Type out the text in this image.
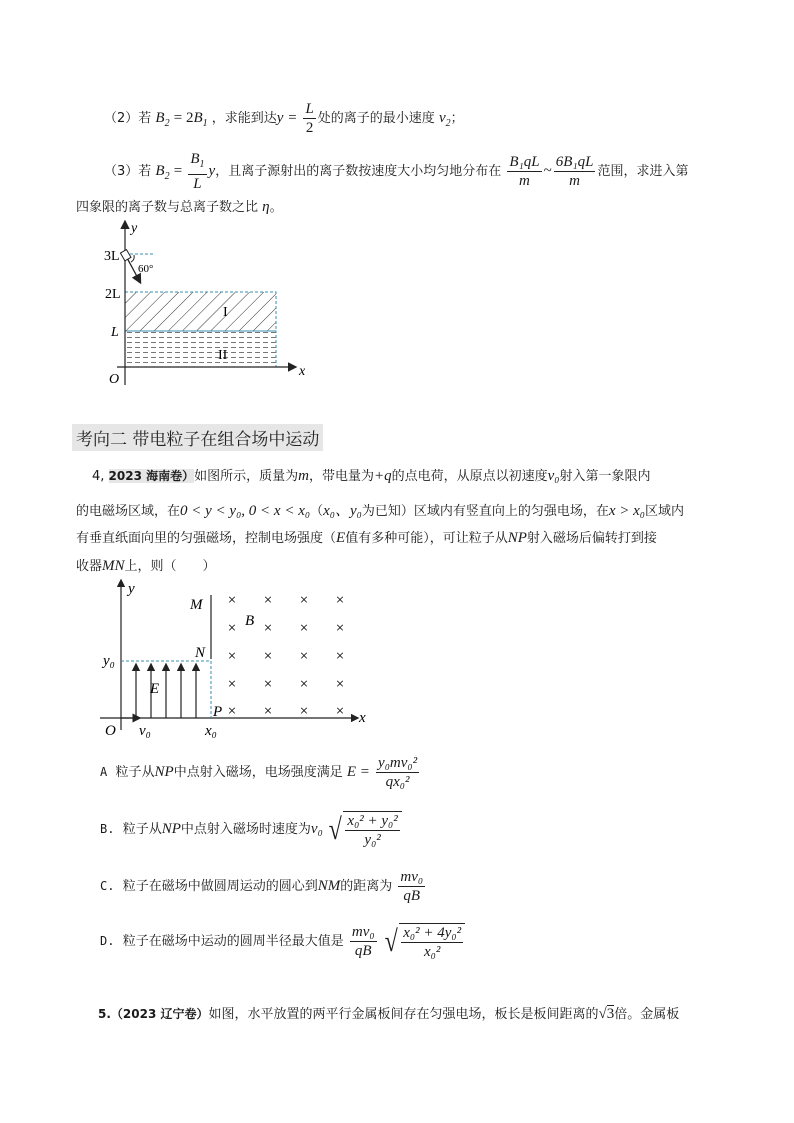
（2）若 $B_2 = 2B_1$ ，求能到达$y = \frac{L}{2}$ 处的离子的最小速度 $v_2$；
（3）若 $B_2 = \frac{B_1}{L}$ y，且离子源射出的离子数按速度大小均匀地分布在 $\frac{\text{B₁qL}}{m}$ ~ $\frac{\text{6B₁qL}}{m}$ 范围，求进入第
四象限的离子数与总离子数之比 η。
y
x
O
3L
2L
L
60°
I
II
考向二 带电粒子在组合场中运动
4, 2023 海南卷）如图所示，质量为m，带电量为+q的点电荷，从原点以初速度v₀射入第一象限内
的电磁场区域，在0 < y < y₀, 0 < x < x₀（x₀、y₀为已知）区域内有竖直向上的匀强电场，在x > x₀区域内
有垂直纸面向里的匀强磁场，控制电场强度（E值有多种可能），可让粒子从NP射入磁场后偏转打到接
收器MN上，则（　　）
× × × ×
× × × ×
× × × ×
× × × ×
× × × ×
y
x
O
y₀
x₀
v₀
E
B
M
N
P
A 粒子从NP中点射入磁场，电场强度满足 $E = \frac{\text{y₀mv₀²}}{\text{qx₀²}}$
B. 粒子从NP中点射入磁场时速度为v₀ √ $\frac{\text{x₀² + y₀²}}{\text{y₀²}}$
C. 粒子在磁场中做圆周运动的圆心到NM的距离为 $\frac{\text{mv₀}}{qB}$
D. 粒子在磁场中运动的圆周半径最大值是 $\frac{\text{mv₀}}{qB}$
√ $\frac{\text{x₀² + 4y₀²}}{\text{x₀²}}$
5.（2023 辽宁卷）如图，水平放置的两平行金属板间存在匀强电场，板长是板间距离的√3倍。金属板
